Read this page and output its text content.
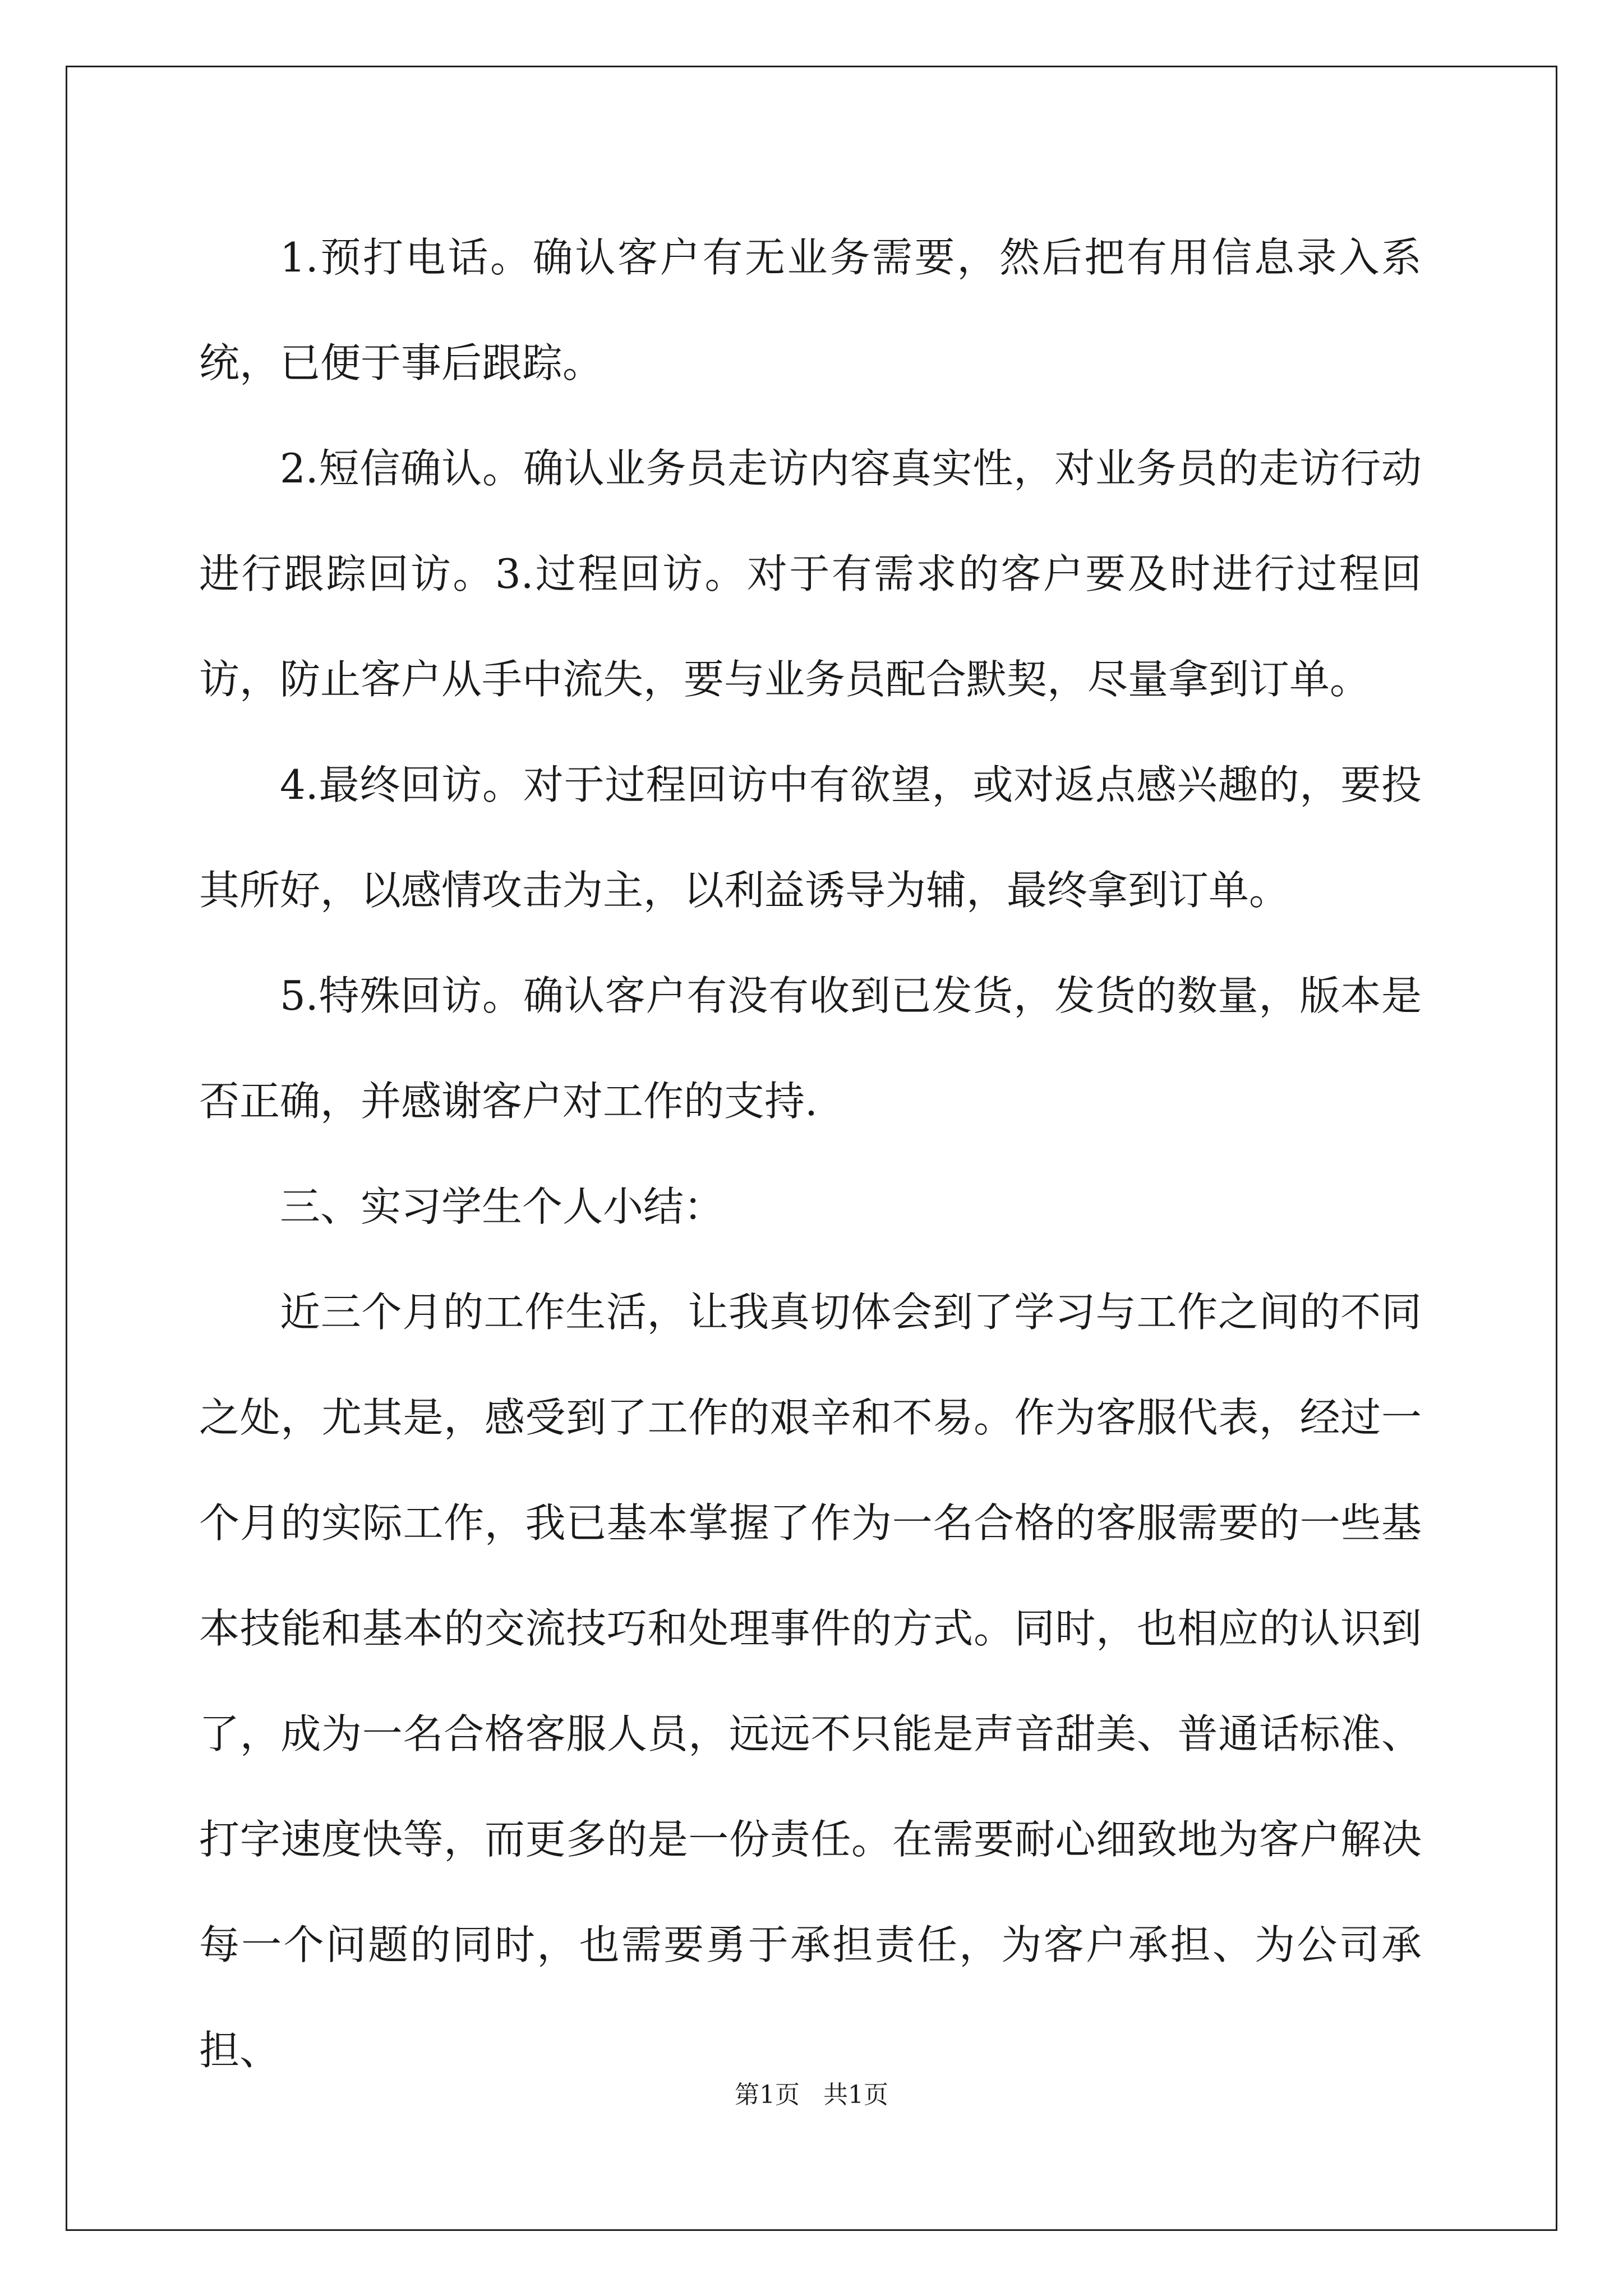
1.预打电话。确认客户有无业务需要，然后把有用信息录入系统，已便于事后跟踪。

2.短信确认。确认业务员走访内容真实性，对业务员的走访行动进行跟踪回访。3.过程回访。对于有需求的客户要及时进行过程回访，防止客户从手中流失，要与业务员配合默契，尽量拿到订单。

4.最终回访。对于过程回访中有欲望，或对返点感兴趣的，要投其所好，以感情攻击为主，以利益诱导为辅，最终拿到订单。

5.特殊回访。确认客户有没有收到已发货，发货的数量，版本是否正确，并感谢客户对工作的支持.

三、实习学生个人小结：

近三个月的工作生活，让我真切体会到了学习与工作之间的不同之处，尤其是，感受到了工作的艰辛和不易。作为客服代表，经过一个月的实际工作，我已基本掌握了作为一名合格的客服需要的一些基本技能和基本的交流技巧和处理事件的方式。同时，也相应的认识到了，成为一名合格客服人员，远远不只能是声音甜美、普通话标准、打字速度快等，而更多的是一份责任。在需要耐心细致地为客户解决每一个问题的同时，也需要勇于承担责任，为客户承担、为公司承担、

第1页 共1页
